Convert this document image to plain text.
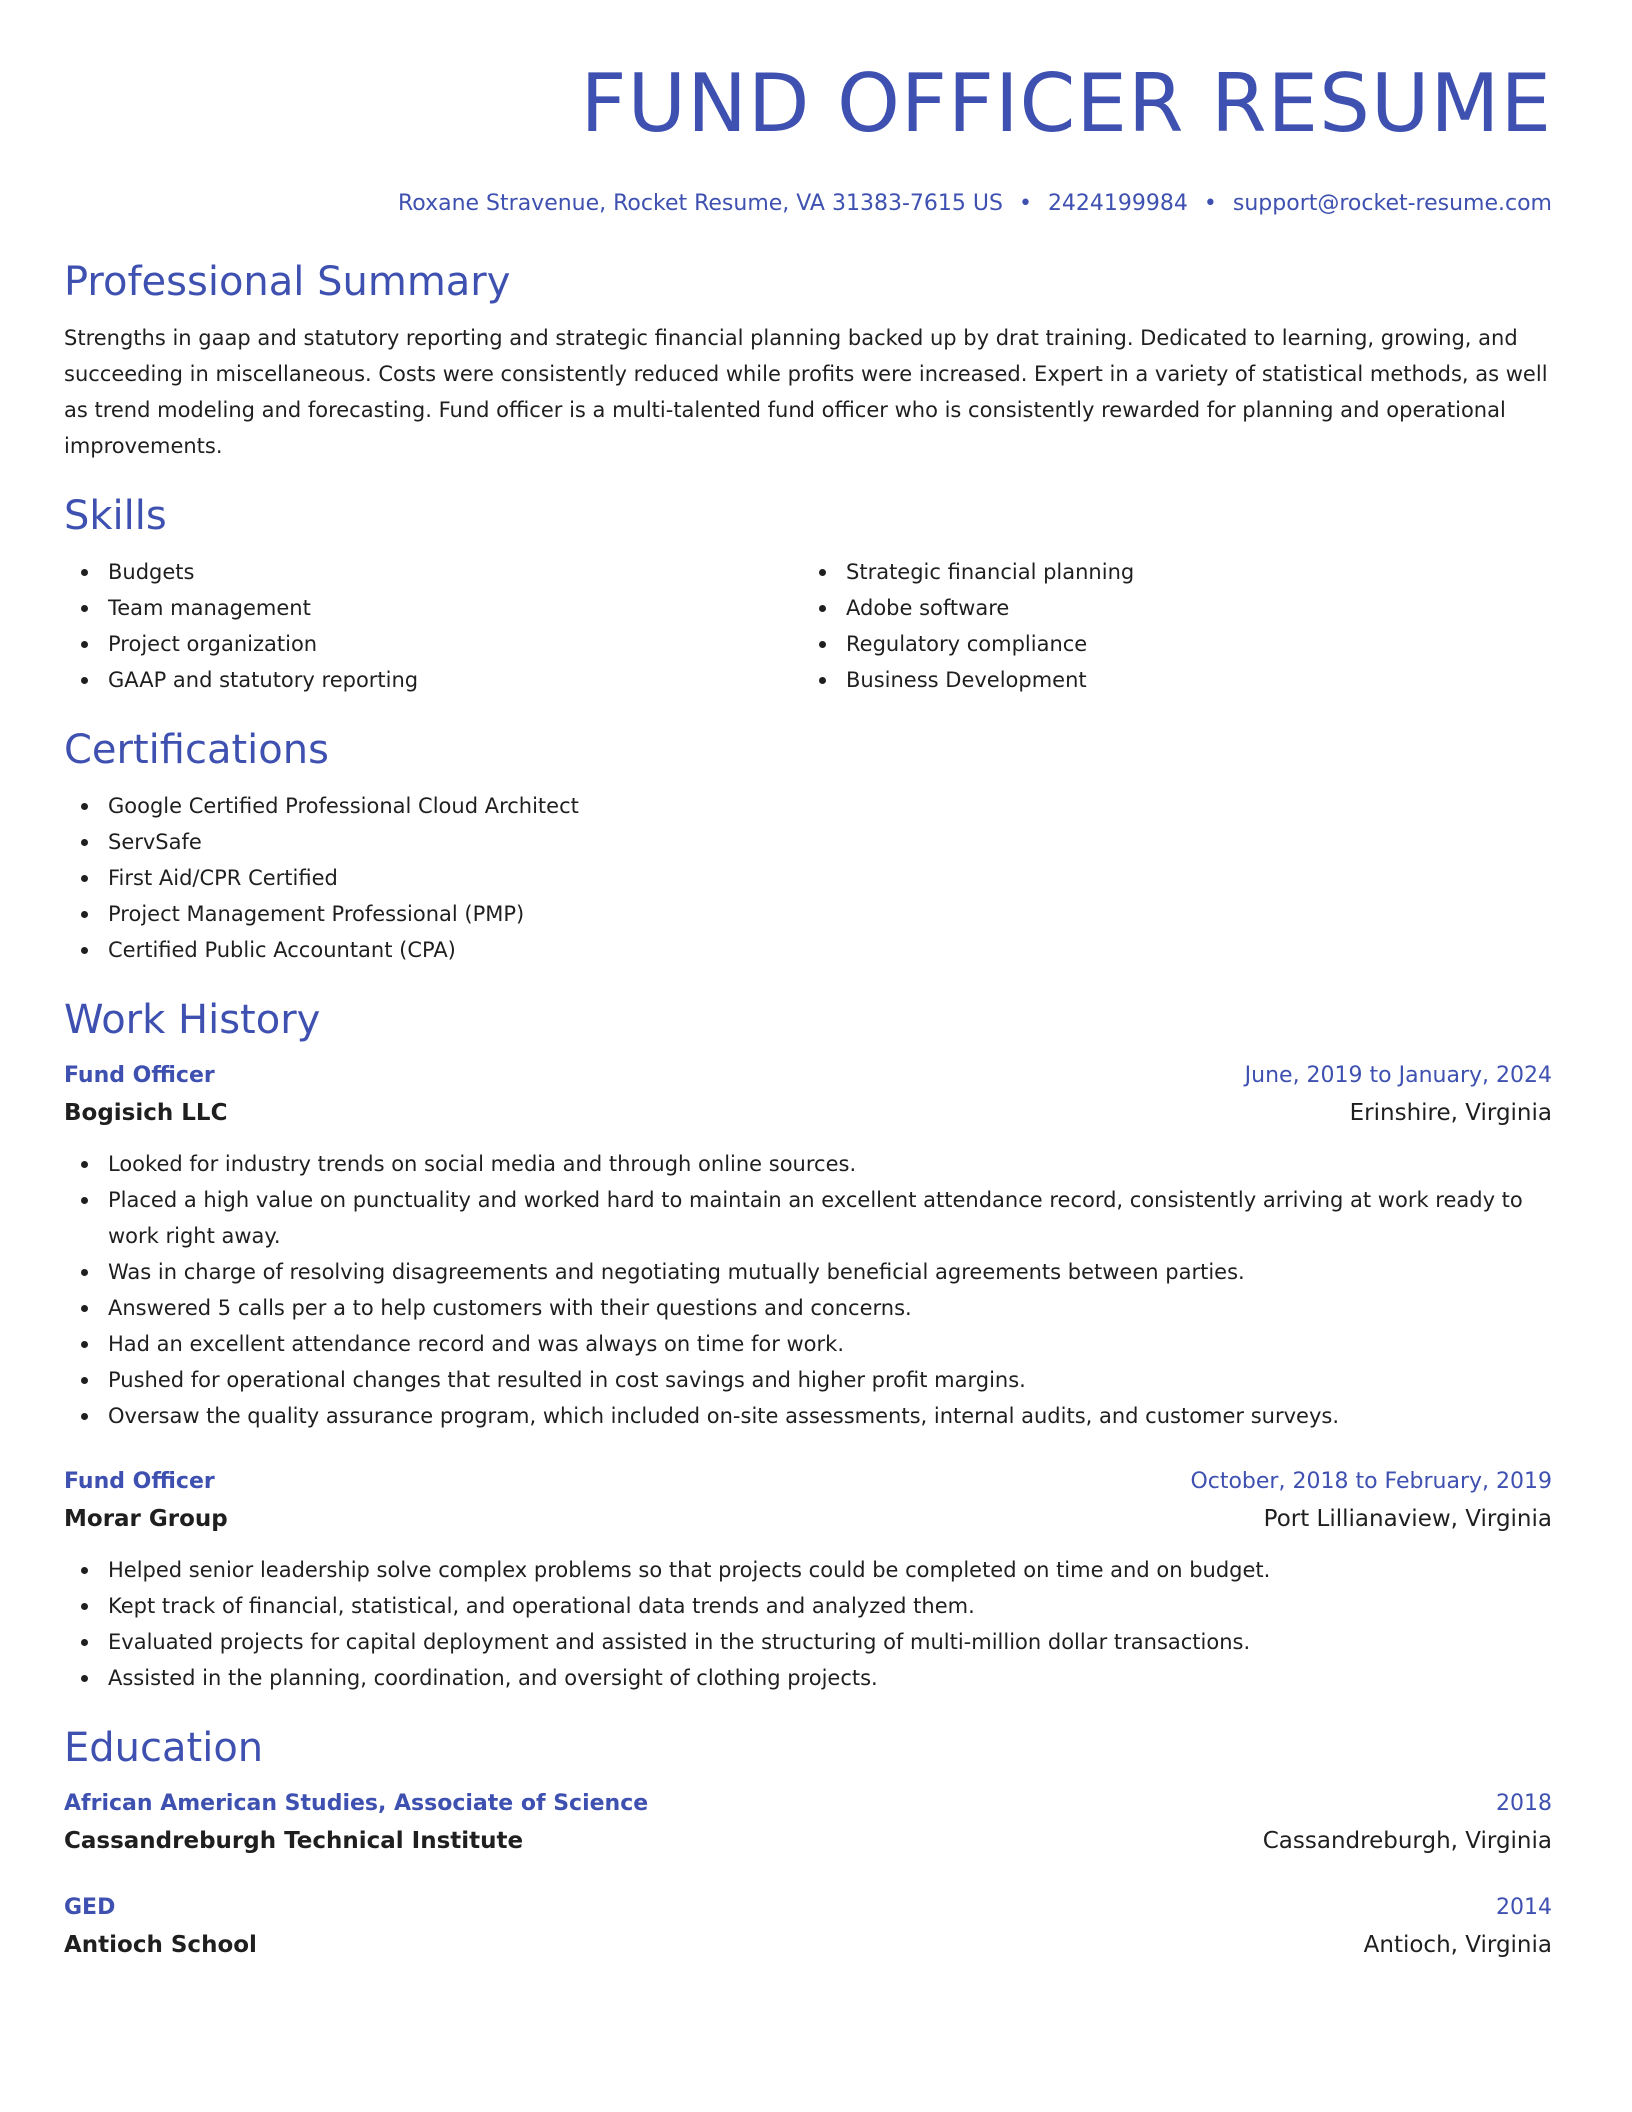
FUND OFFICER RESUME
Roxane Stravenue, Rocket Resume, VA 31383-7615 US • 2424199984 • support@rocket-resume.com
Professional Summary

Strengths in gaap and statutory reporting and strategic financial planning backed up by drat training. Dedicated to learning, growing, and succeeding in miscellaneous. Costs were consistently reduced while profits were increased. Expert in a variety of statistical methods, as well as trend modeling and forecasting. Fund officer is a multi-talented fund officer who is consistently rewarded for planning and operational improvements.

Skills
Budgets
Team management
Project organization
GAAP and statutory reporting
Strategic financial planning
Adobe software
Regulatory compliance
Business Development
Certifications
Google Certified Professional Cloud Architect
ServSafe
First Aid/CPR Certified
Project Management Professional (PMP)
Certified Public Accountant (CPA)
Work History
Fund Officer	June, 2019 to January, 2024
Bogisich LLC	Erinshire, Virginia
Looked for industry trends on social media and through online sources.
Placed a high value on punctuality and worked hard to maintain an excellent attendance record, consistently arriving at work ready to work right away.
Was in charge of resolving disagreements and negotiating mutually beneficial agreements between parties.
Answered 5 calls per a to help customers with their questions and concerns.
Had an excellent attendance record and was always on time for work.
Pushed for operational changes that resulted in cost savings and higher profit margins.
Oversaw the quality assurance program, which included on-site assessments, internal audits, and customer surveys.
Fund Officer	October, 2018 to February, 2019
Morar Group	Port Lillianaview, Virginia
Helped senior leadership solve complex problems so that projects could be completed on time and on budget.
Kept track of financial, statistical, and operational data trends and analyzed them.
Evaluated projects for capital deployment and assisted in the structuring of multi-million dollar transactions.
Assisted in the planning, coordination, and oversight of clothing projects.
Education
African American Studies, Associate of Science	2018
Cassandreburgh Technical Institute	Cassandreburgh, Virginia
GED	2014
Antioch School	Antioch, Virginia
